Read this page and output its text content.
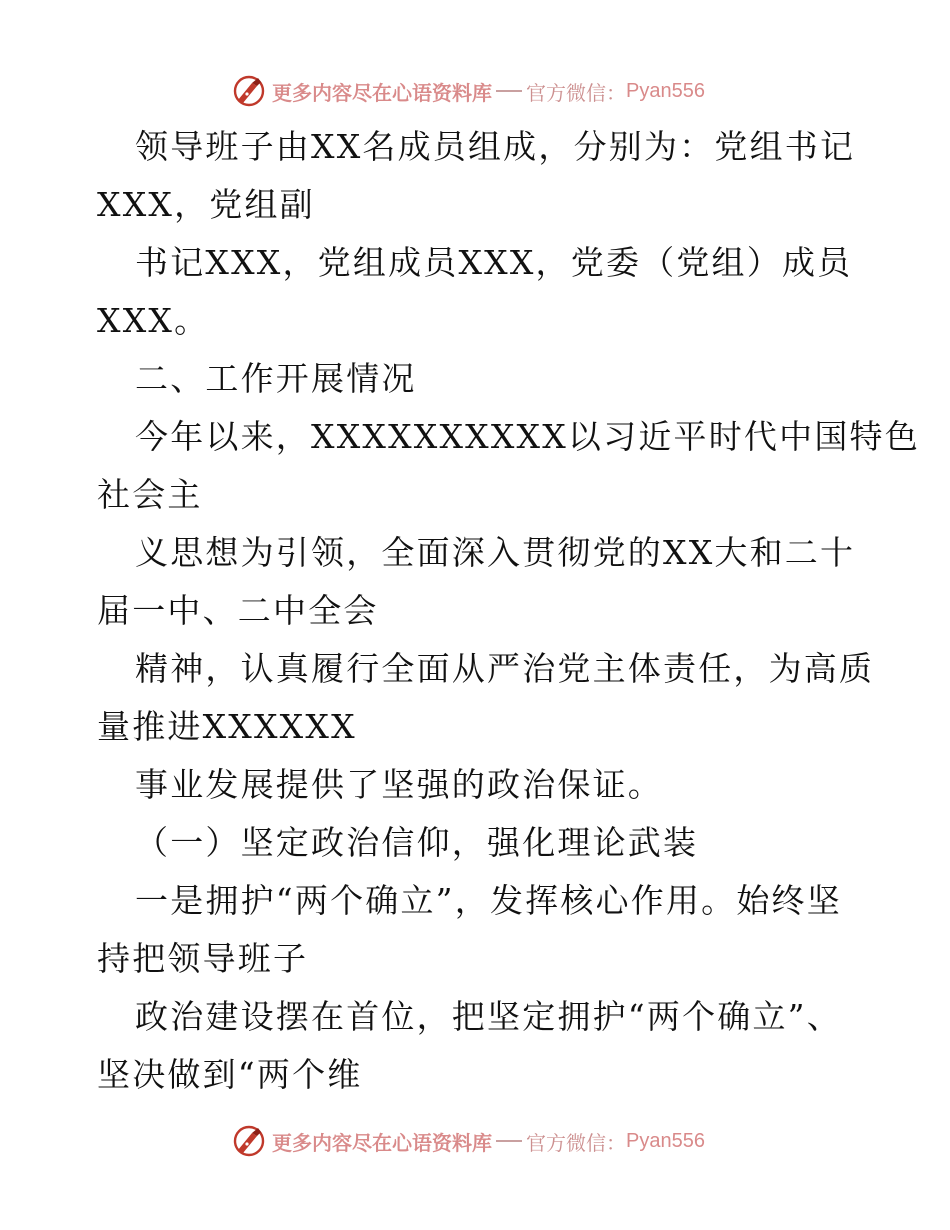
更多内容尽在心语资料库 官方微信： Pyan556
领导班子由XX名成员组成，分别为：党组书记
XXX，党组副
书记XXX，党组成员XXX，党委（党组）成员
XXX。
二、工作开展情况
今年以来，XXXXXXXXXX以习近平时代中国特色
社会主
义思想为引领，全面深入贯彻党的XX大和二十
届一中、二中全会
精神，认真履行全面从严治党主体责任，为高质
量推进XXXXXX
事业发展提供了坚强的政治保证。
（一）坚定政治信仰，强化理论武装
一是拥护“两个确立”，发挥核心作用。始终坚
持把领导班子
政治建设摆在首位，把坚定拥护“两个确立”、
坚决做到“两个维
更多内容尽在心语资料库 官方微信： Pyan556
